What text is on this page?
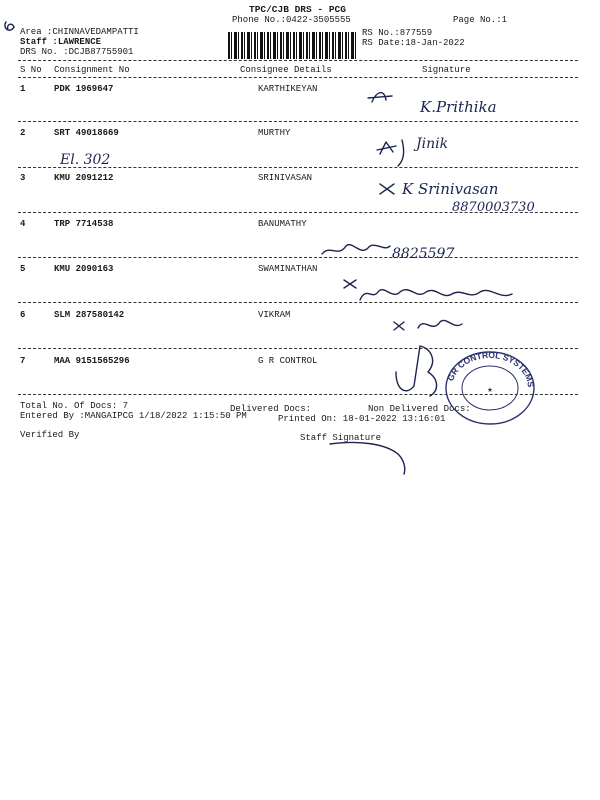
TPC/CJB DRS - PCG
Phone No.:0422-3505555	Page No.:1
Area :CHINNAVEDAMPATTI
Staff :LAWRENCE
DRS No. :DCJB87755901
RS No.:877559
RS Date:18-Jan-2022
S No Consignment No	Consignee Details	Signature
1	PDK 1969647	KARTHIKEYAN
2	SRT 49018669	MURTHY
3	KMU 2091212	SRINIVASAN
4	TRP 7714538	BANUMATHY
5	KMU 2090163	SWAMINATHAN
6	SLM 287580142	VIKRAM
7	MAA 9151565296	G R CONTROL
Total No. Of Docs: 7	Delivered Docs:	Non Delivered Docs:
Entered By :MANGAIPCG 1/18/2022 1:15:50 PM	Printed On: 18-01-2022 13:16:01
Verified By	Staff Signature
K.Prithika
El. 302
Jinik
K Srinivasan
8870003730
8825597
GR CONTROL SYSTEMS
★
